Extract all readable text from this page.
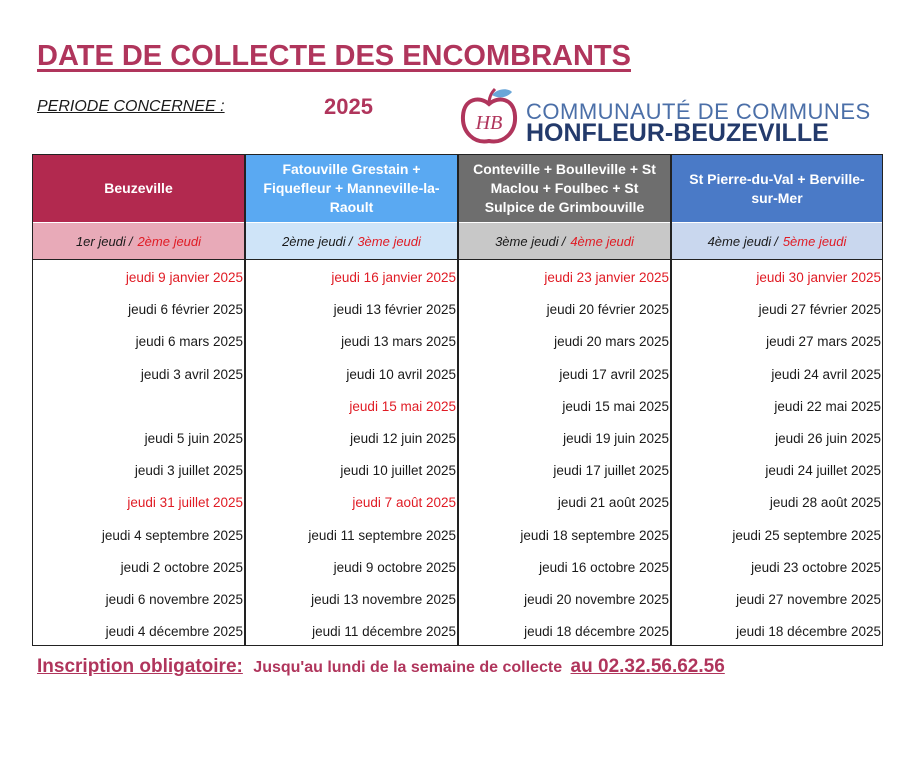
DATE DE COLLECTE DES ENCOMBRANTS
PERIODE CONCERNEE :	2025
HB COMMUNAUTÉ DE COMMUNES
HONFLEUR-BEUZEVILLE
Beuzeville
1er jeudi / 2ème jeudi
jeudi 9 janvier 2025
jeudi 6 février 2025
jeudi 6 mars 2025
jeudi 3 avril 2025
jeudi 5 juin 2025
jeudi 3 juillet 2025
jeudi 31 juillet 2025
jeudi 4 septembre 2025
jeudi 2 octobre 2025
jeudi 6 novembre 2025
jeudi 4 décembre 2025
Fatouville Grestain + Fiquefleur + Manneville-la-Raoult
2ème jeudi / 3ème jeudi
jeudi 16 janvier 2025
jeudi 13 février 2025
jeudi 13 mars 2025
jeudi 10 avril 2025
jeudi 15 mai 2025
jeudi 12 juin 2025
jeudi 10 juillet 2025
jeudi 7 août 2025
jeudi 11 septembre 2025
jeudi 9 octobre 2025
jeudi 13 novembre 2025
jeudi 11 décembre 2025
Conteville + Boulleville + St Maclou + Foulbec + St Sulpice de Grimbouville
3ème jeudi / 4ème jeudi
jeudi 23 janvier 2025
jeudi 20 février 2025
jeudi 20 mars 2025
jeudi 17 avril 2025
jeudi 15 mai 2025
jeudi 19 juin 2025
jeudi 17 juillet 2025
jeudi 21 août 2025
jeudi 18 septembre 2025
jeudi 16 octobre 2025
jeudi 20 novembre 2025
jeudi 18 décembre 2025
St Pierre-du-Val + Berville-sur-Mer
4ème jeudi / 5ème jeudi
jeudi 30 janvier 2025
jeudi 27 février 2025
jeudi 27 mars 2025
jeudi 24 avril 2025
jeudi 22 mai 2025
jeudi 26 juin 2025
jeudi 24 juillet 2025
jeudi 28 août 2025
jeudi 25 septembre 2025
jeudi 23 octobre 2025
jeudi 27 novembre 2025
jeudi 18 décembre 2025
Inscription obligatoire: Jusqu'au lundi de la semaine de collecte au 02.32.56.62.56
